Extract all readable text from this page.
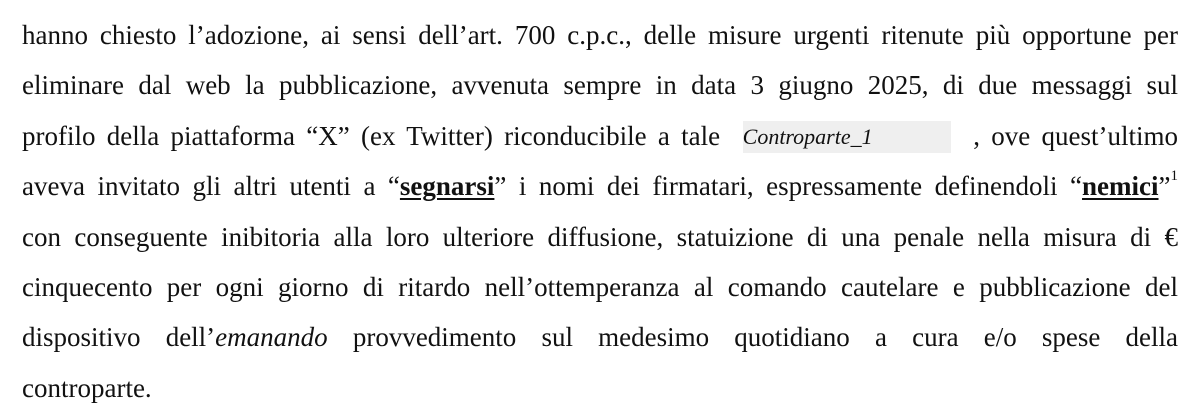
hanno chiesto l’adozione, ai sensi dell’art. 700 c.p.c., delle misure urgenti ritenute più opportune per
eliminare dal web la pubblicazione, avvenuta sempre in data 3 giugno 2025, di due messaggi sul
profilo della piattaforma “X” (ex Twitter) riconducibile a tale Controparte_1	, ove quest’ultimo
aveva invitato gli altri utenti a “segnarsi” i nomi dei firmatari, espressamente definendoli “nemici”$^1$
con conseguente inibitoria alla loro ulteriore diffusione, statuizione di una penale nella misura di €
cinquecento per ogni giorno di ritardo nell’ottemperanza al comando cautelare e pubblicazione del
dispositivo dell’emanando provvedimento sul medesimo quotidiano a cura e/o spese della
controparte.
